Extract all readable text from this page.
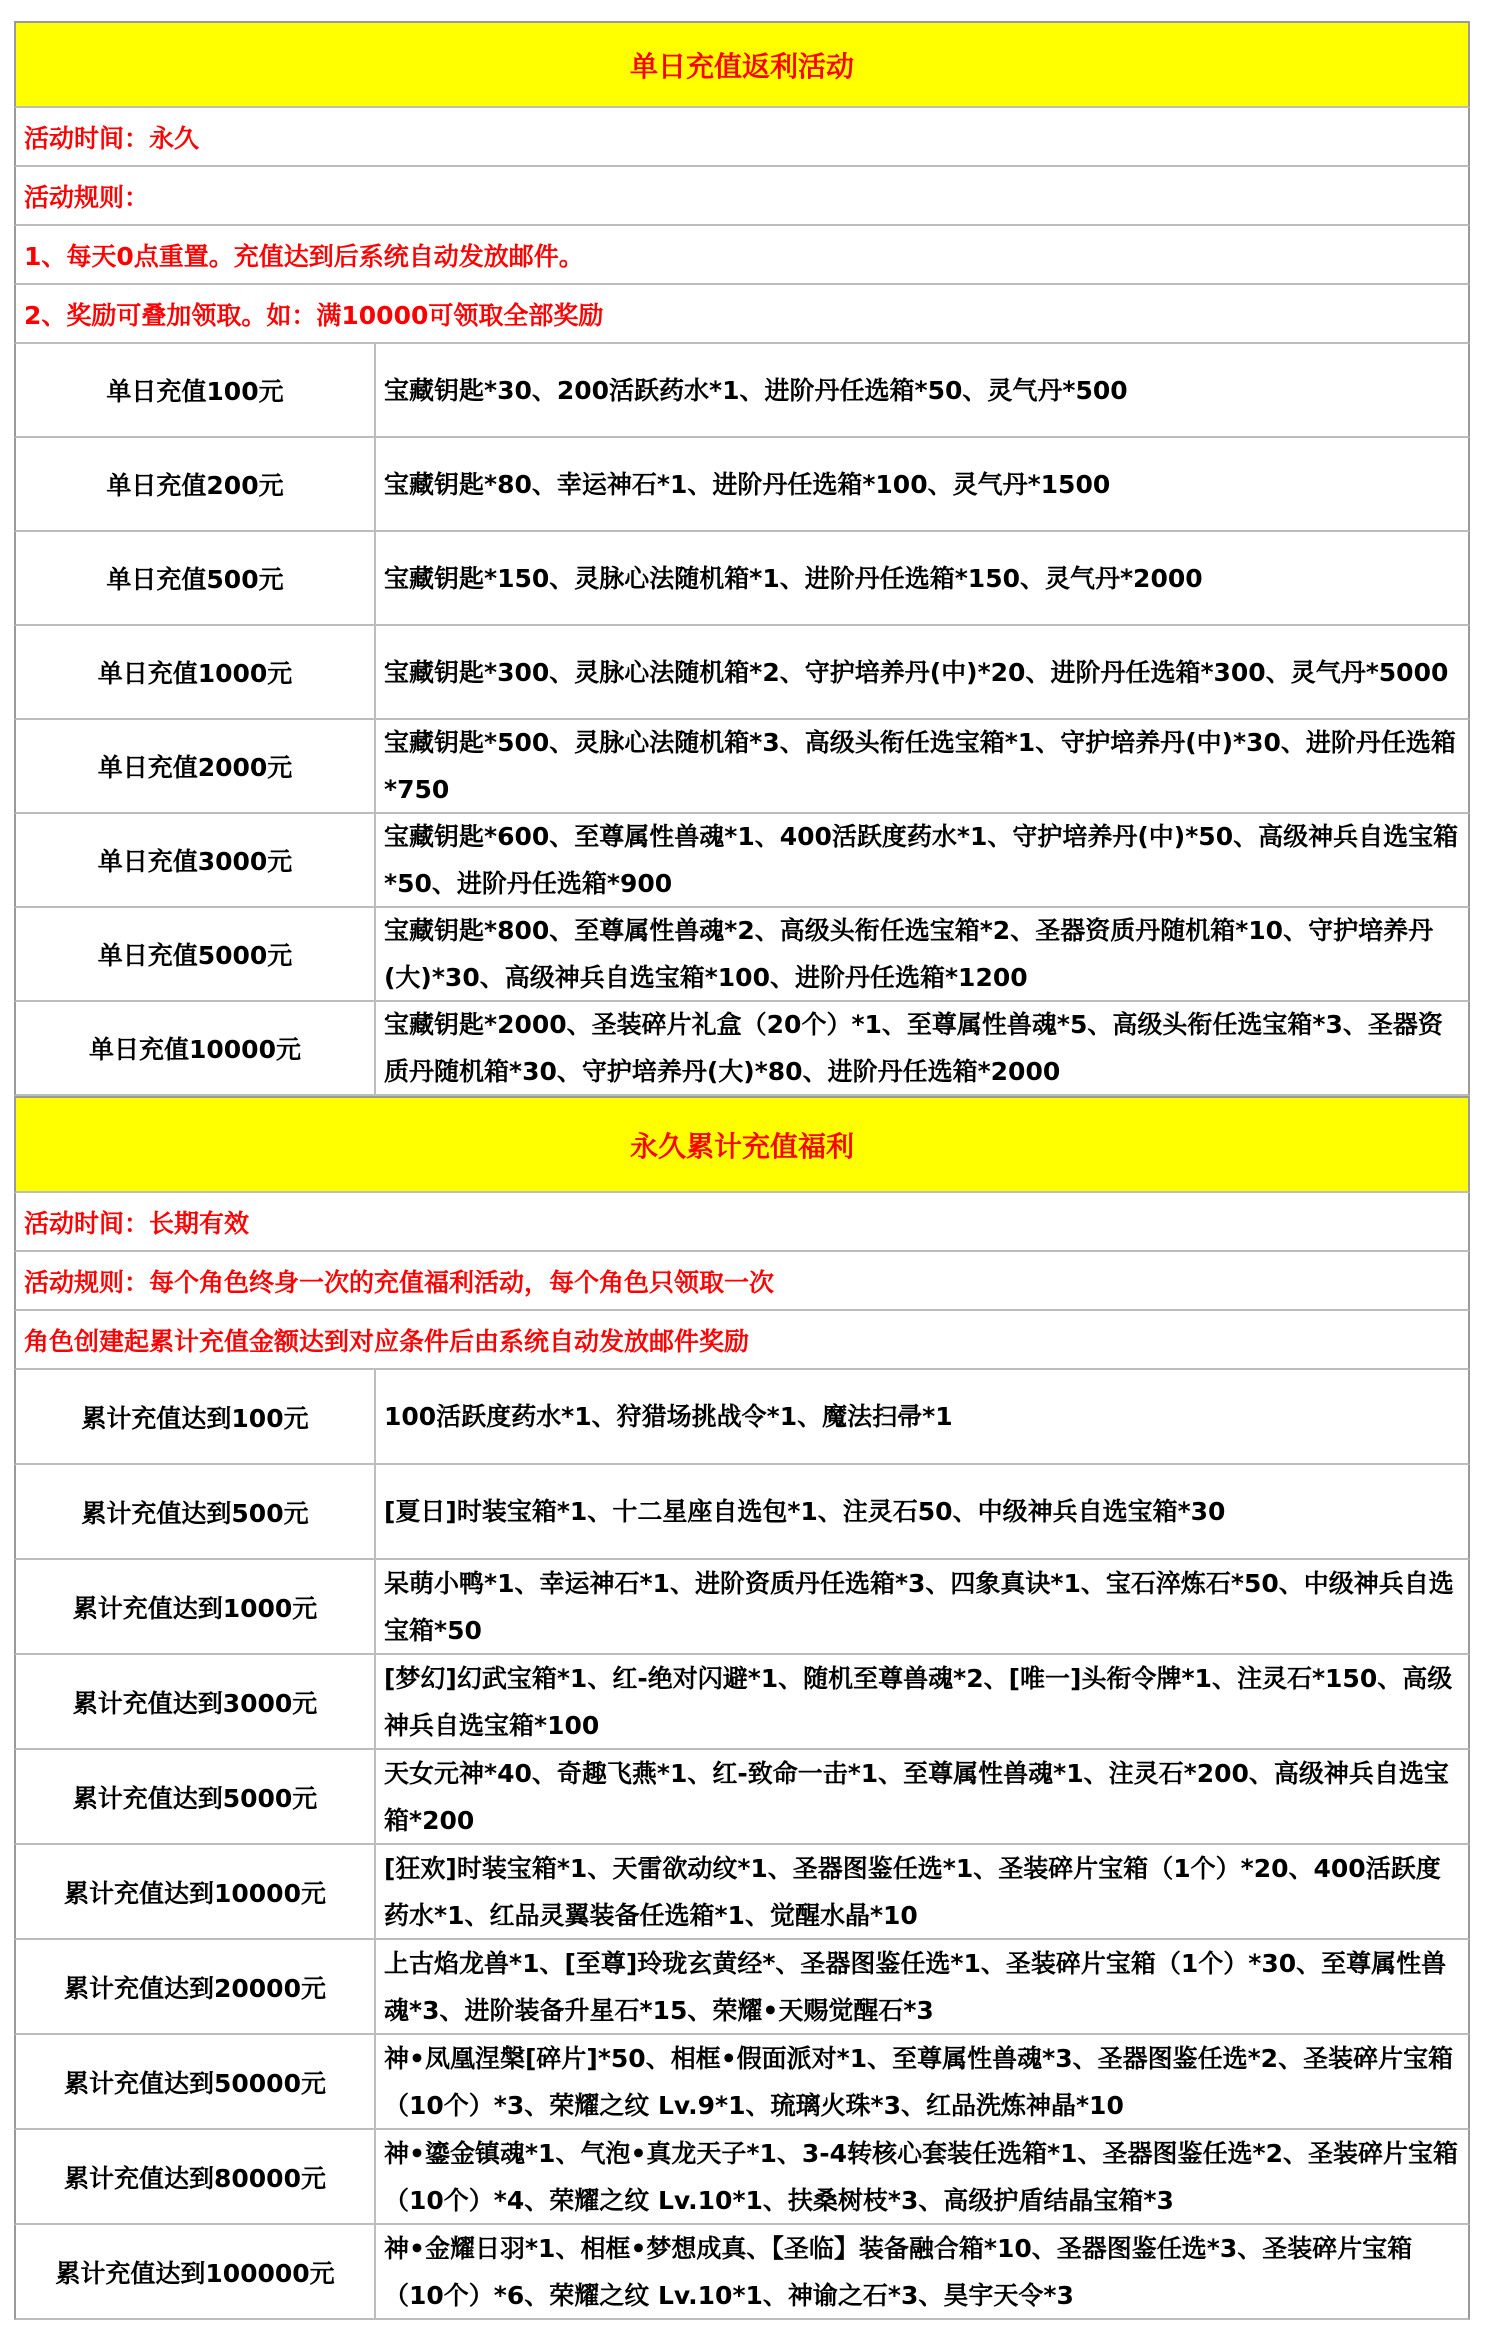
单日充值返利活动
活动时间：永久
活动规则：
1、每天0点重置。充值达到后系统自动发放邮件。
2、奖励可叠加领取。如：满10000可领取全部奖励
单日充值100元	宝藏钥匙*30、200活跃药水*1、进阶丹任选箱*50、灵气丹*500
单日充值200元	宝藏钥匙*80、幸运神石*1、进阶丹任选箱*100、灵气丹*1500
单日充值500元	宝藏钥匙*150、灵脉心法随机箱*1、进阶丹任选箱*150、灵气丹*2000
单日充值1000元	宝藏钥匙*300、灵脉心法随机箱*2、守护培养丹(中)*20、进阶丹任选箱*300、灵气丹*5000
单日充值2000元
宝藏钥匙*500、灵脉心法随机箱*3、高级头衔任选宝箱*1、守护培养丹(中)*30、进阶丹任选箱*750
单日充值3000元
宝藏钥匙*600、至尊属性兽魂*1、400活跃度药水*1、守护培养丹(中)*50、高级神兵自选宝箱*50、进阶丹任选箱*900
单日充值5000元
宝藏钥匙*800、至尊属性兽魂*2、高级头衔任选宝箱*2、圣器资质丹随机箱*10、守护培养丹(大)*30、高级神兵自选宝箱*100、进阶丹任选箱*1200
单日充值10000元
宝藏钥匙*2000、圣装碎片礼盒（20个）*1、至尊属性兽魂*5、高级头衔任选宝箱*3、圣器资质丹随机箱*30、守护培养丹(大)*80、进阶丹任选箱*2000
永久累计充值福利
活动时间：长期有效
活动规则：每个角色终身一次的充值福利活动，每个角色只领取一次
角色创建起累计充值金额达到对应条件后由系统自动发放邮件奖励
累计充值达到100元	100活跃度药水*1、狩猎场挑战令*1、魔法扫帚*1
累计充值达到500元	[夏日]时装宝箱*1、十二星座自选包*1、注灵石50、中级神兵自选宝箱*30
累计充值达到1000元
呆萌小鸭*1、幸运神石*1、进阶资质丹任选箱*3、四象真诀*1、宝石淬炼石*50、中级神兵自选宝箱*50
累计充值达到3000元
[梦幻]幻武宝箱*1、红-绝对闪避*1、随机至尊兽魂*2、[唯一]头衔令牌*1、注灵石*150、高级神兵自选宝箱*100
累计充值达到5000元
天女元神*40、奇趣飞燕*1、红-致命一击*1、至尊属性兽魂*1、注灵石*200、高级神兵自选宝箱*200
累计充值达到10000元
[狂欢]时装宝箱*1、天雷欲动纹*1、圣器图鉴任选*1、圣装碎片宝箱（1个）*20、400活跃度药水*1、红品灵翼装备任选箱*1、觉醒水晶*10
累计充值达到20000元
上古焰龙兽*1、[至尊]玲珑玄黄经*、圣器图鉴任选*1、圣装碎片宝箱（1个）*30、至尊属性兽魂*3、进阶装备升星石*15、荣耀•天赐觉醒石*3
累计充值达到50000元
神•凤凰涅槃[碎片]*50、相框•假面派对*1、至尊属性兽魂*3、圣器图鉴任选*2、圣装碎片宝箱（10个）*3、荣耀之纹 Lv.9*1、琉璃火珠*3、红品洗炼神晶*10
累计充值达到80000元
神•鎏金镇魂*1、气泡•真龙天子*1、3-4转核心套装任选箱*1、圣器图鉴任选*2、圣装碎片宝箱（10个）*4、荣耀之纹 Lv.10*1、扶桑树枝*3、高级护盾结晶宝箱*3
累计充值达到100000元
神•金耀日羽*1、相框•梦想成真、【圣临】装备融合箱*10、圣器图鉴任选*3、圣装碎片宝箱（10个）*6、荣耀之纹 Lv.10*1、神谕之石*3、昊宇天令*3
